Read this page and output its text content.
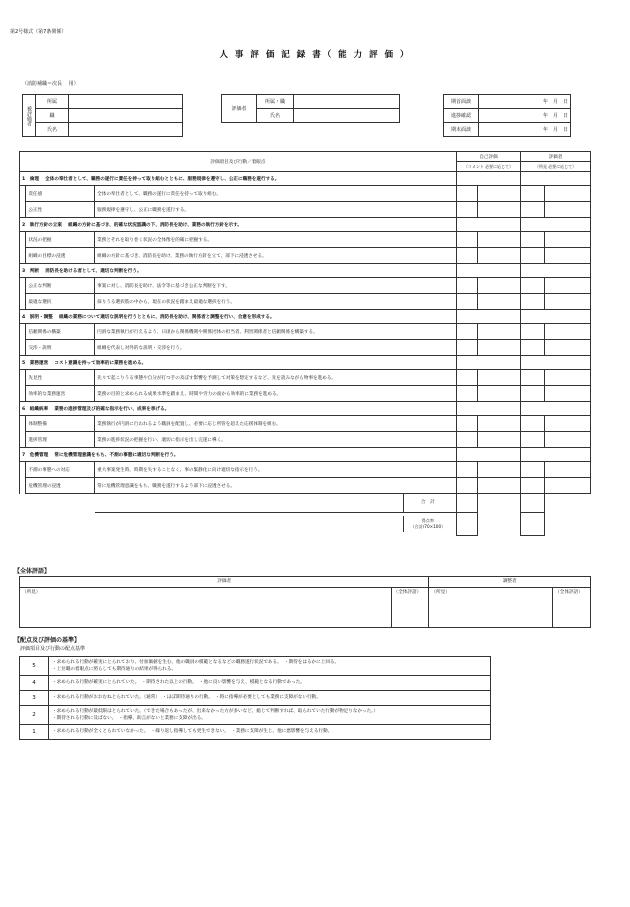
第2号様式（第7条関係）
人 事 評 価 記 録 書（ 能 力 評 価 ）
（消防補職＝次長　 用）
被評価者	所属	
	職	
	氏名	
評価者	所属・職	
	氏名	
期首面談	年　月　日
進捗確認	年　月　日
期末面談	年　月　日
評価項目及び行動／着眼点			自己評価		評価者	
			（コメント 必要に応じて）		（所見 必要に応じて）	
1　倫理　 全体の奉仕者として、職務の遂行に責任を持って取り組むとともに、服務規律を遵守し、公正に職務を遂行する。						
	責任感	全体の奉仕者として、職務の遂行に責任を持って取り組む。				
	公正性	服務規律を遵守し、公正に職務を遂行する。				
2　執行方針の立案　 組織の方針に基づき、的確な状況認識の下、消防長を助け、業務の執行方針を示す。						
	状況の把握	業務とそれを取り巻く状況の全体像を的確に把握する。				
	組織の目標の浸透	組織の方針に基づき、消防長を助け、業務の執行方針を立て、部下に浸透させる。				
3　判断　 消防長を助ける者として、適切な判断を行う。						
	公正な判断	事案に対し、消防長を助け、法令等に基づき公正な判断を下す。				
	最適な選択	採りうる選択肢の中から、現在の状況を踏まえ最適な選択を行う。				
4　説明・調整　 組織の業務について適切な説明を行うとともに、消防長を助け、関係者と調整を行い、合意を形成する。						
	信頼関係の構築	円滑な業務執行が行えるよう、日頃から関係機関や関係団体の担当者、利害関係者と信頼関係を構築する。				
	交渉・説明	組織を代表し対外的な説明・交渉を行う。				
5　業務運営　 コスト意識を持って効率的に業務を進める。						
	先見性	先々で起こりうる事態や自分が打つ手の及ぼす影響を予測して対策を想定するなど、先を読みながら物事を進める。				
	効率的な業務運営	業務の目的と求められる成果水準を踏まえ、時間や労力の面から効率的に業務を進める。				
6　組織統率　 業務の進捗管理及び的確な指示を行い、成果を挙げる。						
	体制整備	業務執行が円滑に行われるよう職員を配置し、必要に応じ所管を超えた応援体制を組む。				
	進捗管理	業務の進捗状況の把握を行い、適切に指示を出し完遂に導く。				
7　危機管理　 常に危機管理意識をもち、不測の事態に適切な判断を行う。						
	不測の事態への対応	重大事案発生時、時期を失することなく、事の緊静化に向け適切な指示を行う。				
	危機管理の浸透	常に危機管理意識をもち、職務を遂行するよう部下に浸透させる。				
		合　計				
		得点率
（合計/70×100）				
【全体評語】
評価者		調整者	
（所見）	（全体評語）	（所見）	（全体評語）
【配点及び評価の基準】
評価項目及び行動の配点基準
5	・求められる行動が確実にとられており、付加価値を生む、他の職員の模範となるなどの職務遂行状況である。　・期待をはるかに上回る。
・上位職の着眼点に照らしても期待通りの結果が得られる。
4	・求められる行動が確実にとられていた。　・期待された以上の行動。　・他に良い影響を与え、模範となる行動であった。
3	・求められる行動がおおむねとられていた。（通常）　・ほぼ期待通りの行動。　・時に指導が必要としても業務に支障がない行動。
2	・求められる行動が最低限はとられていた。（できた場合もあったが、出来なかった方が多いなど、総じて判断すれば、取られていた行動が物足りなかった。）
・期待される行動に及ばない。　・指導、助言がないと業務に支障が出る。
1	・求められる行動が全くとられていなかった。　・繰り返し指導しても更生できない。　・業務に支障が生じ、他に悪影響を与える行動。
